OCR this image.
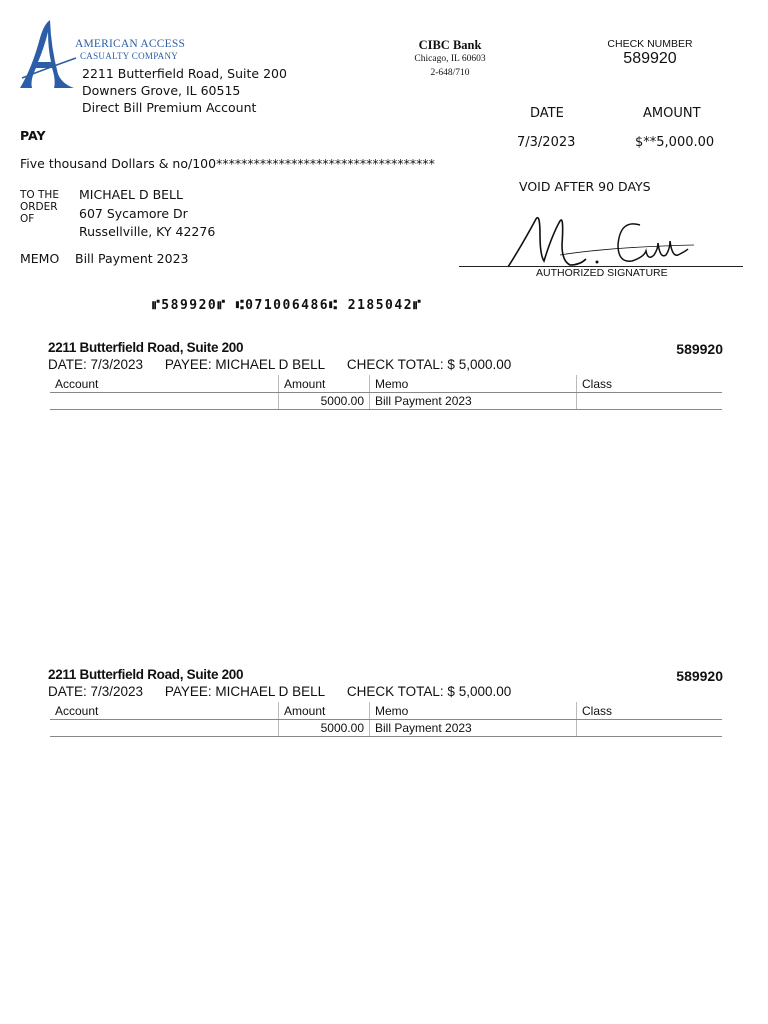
AMERICAN ACCESS
CASUALTY COMPANY
2211 Butterfield Road, Suite 200
Downers Grove, IL 60515
Direct Bill Premium Account
CIBC Bank
Chicago, IL 60603
2-648/710
CHECK NUMBER
589920
DATE	AMOUNT
7/3/2023	$**5,000.00
PAY
Five thousand Dollars & no/100***********************************
TO THE
ORDER
OF
MICHAEL D BELL
607 Sycamore Dr
Russellville, KY 42276
MEMO Bill Payment 2023
VOID AFTER 90 DAYS
AUTHORIZED SIGNATURE
⑈589920⑈ ⑆071006486⑆ 2185042⑈
2211 Butterfield Road, Suite 200	589920
DATE: 7/3/2023 PAYEE: MICHAEL D BELL CHECK TOTAL: $ 5,000.00
Account	Amount	Memo	Class
	5000.00	Bill Payment 2023	
2211 Butterfield Road, Suite 200	589920
DATE: 7/3/2023 PAYEE: MICHAEL D BELL CHECK TOTAL: $ 5,000.00
Account	Amount	Memo	Class
	5000.00	Bill Payment 2023	
